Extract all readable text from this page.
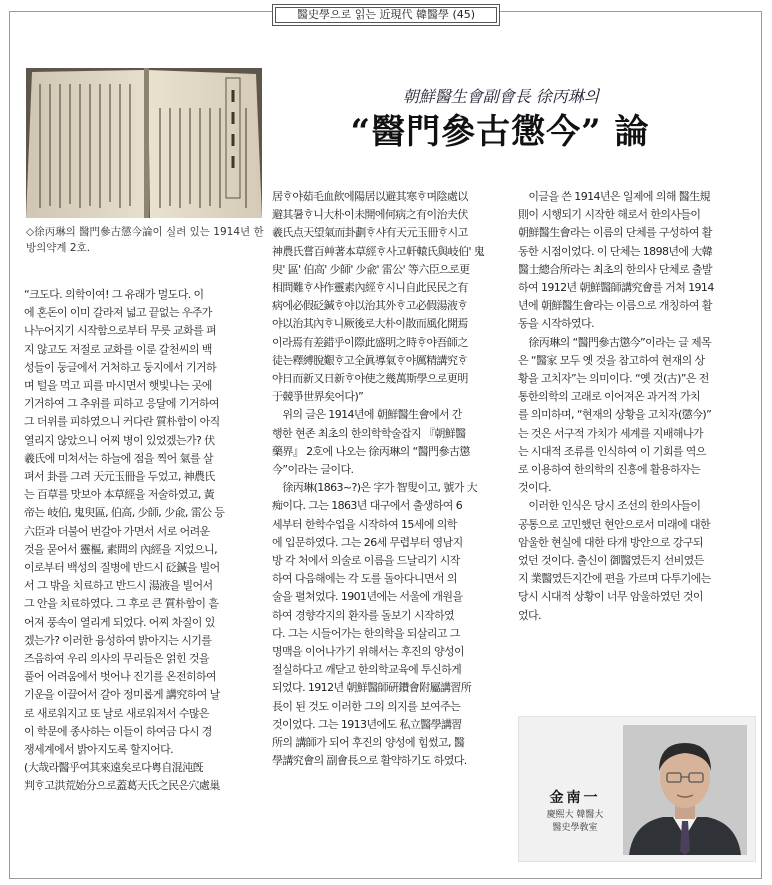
醫史學으로 읽는 近現代 韓醫學 (45)
◇徐丙琳의 醫門參古懲今論이 실려 있는 1914년 한방의약계 2호.
朝鮮醫生會副會長 徐丙琳의
“醫門參古懲今” 論

“크도다. 의학이여! 그 유래가 멀도다. 이

에 혼돈이 이미 갈라져 넓고 끝없는 우주가

나누어지기 시작함으로부터 무릇 교화를 펴

지 않고도 저절로 교화를 이룬 갈천씨의 백

성들이 둥글에서 거처하고 둥지에서 기거하

며 털을 먹고 피를 마시면서 햇빛나는 곳에

기거하여 그 추위를 피하고 응달에 기거하여

그 더위를 피하였으니 커다란 質朴함이 아직

열리지 않았으니 어찌 병이 있었겠는가? 伏

羲氏에 미쳐서는 하늘에 점을 찍어 氣를 살

펴서 卦를 그려 天元玉冊을 두었고, 神農氏

는 百草를 맛보아 本草經을 저술하였고, 黃

帝는 岐伯, 鬼臾區, 伯高, 少師, 少兪, 雷公 등

六臣과 더불어 번갈아 가면서 서로 어려운

것을 묻어서 靈樞, 素問의 內經을 지었으니,

이로부터 백성의 질병에 반드시 砭鍼을 빌어

서 그 밖을 치료하고 반드시 湯液을 빌어서

그 안을 치료하였다. 그 후로 큰 質朴함이 흩

어져 풍속이 열리게 되었다. 어찌 차질이 있

겠는가? 이러한 융성하여 밝아지는 시기를

즈음하여 우리 의사의 무리들은 얽힌 것을

풀어 어려움에서 벗어나 진기를 온전히하여

기운을 이끌어서 갈아 정미롭게 講究하여 날

로 새로워지고 또 날로 새로워져서 수많은

이 학문에 종사하는 이들이 하여금 다시 경

쟁세계에서 밝아지도록 할지어다.

(大哉라醫乎여其來遠矣로다粤自混沌旣

判ᄒᆞ고洪荒始分으로蓋葛天氏之民은穴處巢

居ᄒᆞ야茹毛血飮에陽居以避其寒ᄒᆞ며陰處以

避其暑ᄒᆞ니大朴이未開에何病之有이治夫伏

羲氏点天望氣而卦劃ᄒᆞ샤有天元玉冊ᄒᆞ시고

神農氏嘗百艸著本草經ᄒᆞ사고軒轅氏與岐伯' 鬼

臾' 區' 伯高' 少師' 少兪' 雷公' 等六臣으로更

相問難ᄒᆞ샤作靈素內經ᄒᆞ시니自此民民之有

病에必假砭鍼ᄒᆞ야以治其外ᄒᆞ고必假湯液ᄒᆞ

야以治其內ᄒᆞ니厥後로大朴이散而風化開焉

이라焉有差錯乎이際此盛明之時ᄒᆞ야吾師之

徒는釋縛脫艱ᄒᆞ고全眞導氣ᄒᆞ야厲精講究ᄒᆞ

야日而新又日新ᄒᆞ야使之幾萬斯學으로更明

于競爭世界矣어다)”

　위의 글은 1914년에 朝鮮醫生會에서 간

행한 현존 최초의 한의학학술잡지 『朝鮮醫

藥界』 2호에 나오는 徐丙琳의 “醫門參古懲

今”이라는 글이다.

　徐丙琳(1863~?)은 字가 智叟이고, 號가 大

痴이다. 그는 1863년 대구에서 출생하여 6

세부터 한학수업을 시작하여 15세에 의학

에 입문하였다. 그는 26세 무렵부터 영남지

방 각 처에서 의술로 이름을 드날리기 시작

하여 다음해에는 각 도를 돌아다니면서 의

술을 펼쳐었다. 1901년에는 서울에 개원을

하여 경향각지의 환자를 돌보기 시작하였

다. 그는 시들어가는 한의학을 되살리고 그

명맥을 이어나가기 위해서는 후진의 양성이

절실하다고 깨닫고 한의학교육에 투신하게

되었다. 1912년 朝鮮醫師硏鑽會附屬講習所

長이 된 것도 이러한 그의 의지를 보여주는

것이었다. 그는 1913년에도 私立醫學講習

所의 講師가 되어 후진의 양성에 힘썼고, 醫

學講究會의 副會長으로 활약하기도 하였다.

　이글을 쓴 1914년은 일제에 의해 醫生規

則이 시행되기 시작한 해로서 한의사들이

朝鮮醫生會라는 이름의 단체를 구성하여 활

동한 시점이었다. 이 단체는 1898년에 大韓

醫士總合所라는 최초의 한의사 단체로 출발

하여 1912년 朝鮮醫師講究會를 거쳐 1914

년에 朝鮮醫生會라는 이름으로 개칭하여 활

동을 시작하였다.

　徐丙琳의 “醫門參古懲今”이라는 글 제목

은 “醫家 모두 옛 것을 참고하여 현재의 상

황을 고치자”는 의미이다. “옛 것(古)”은 전

통한의학의 고래로 이어져온 과거적 가치

를 의미하며, “현재의 상황을 고치자(懲今)”

는 것은 서구적 가치가 세계를 지배해나가

는 시대적 조류를 인식하여 이 기회를 역으

로 이용하여 한의학의 진흥에 활용하자는

것이다.

　이러한 인식은 당시 조선의 한의사들이

공통으로 고민했던 현안으로서 미래에 대한

암울한 현실에 대한 타개 방안으로 강구되

었던 것이다. 출신이 御醫였든지 선비였든

지 業醫였든지간에 편을 가르며 다투기에는

당시 시대적 상황이 너무 암울하였던 것이

었다.

金南一
慶熙大 韓醫大
醫史學敎室
